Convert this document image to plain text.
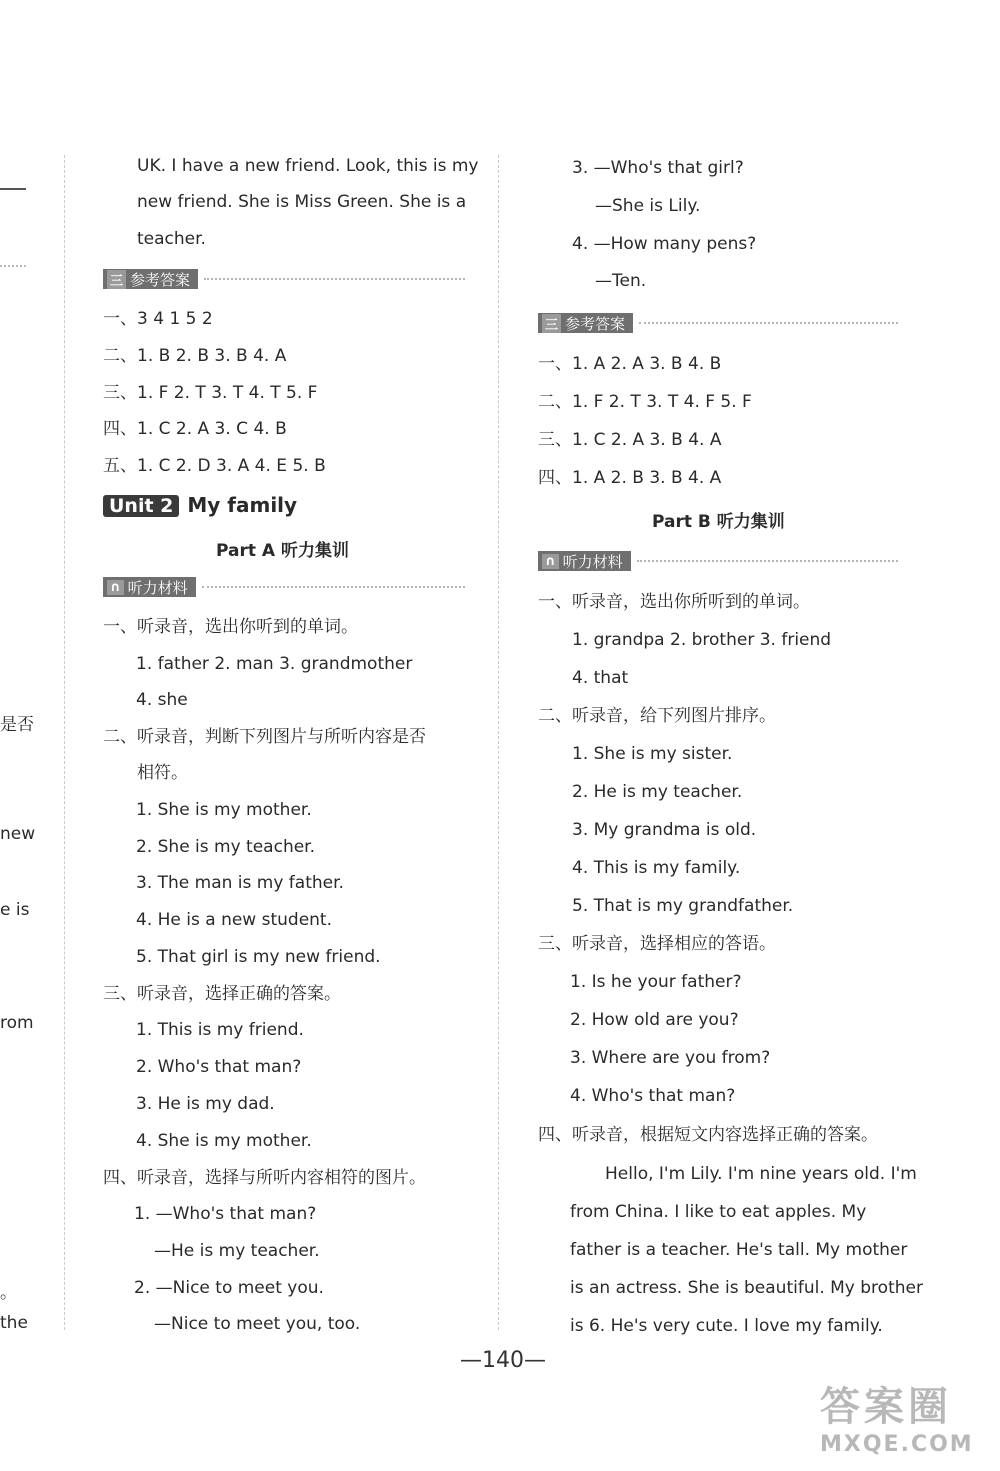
是否
new
e is
rom
。
the
UK. I have a new friend. Look, this is my
new friend. She is Miss Green. She is a
teacher.
三 参考答案
一、3 4 1 5 2
二、1. B 2. B 3. B 4. A
三、1. F 2. T 3. T 4. T 5. F
四、1. C 2. A 3. C 4. B
五、1. C 2. D 3. A 4. E 5. B
Unit 2 My family
Part A 听力集训
∩ 听力材料
一、听录音，选出你听到的单词。
1. father 2. man 3. grandmother
4. she
二、听录音，判断下列图片与所听内容是否
相符。
1. She is my mother.
2. She is my teacher.
3. The man is my father.
4. He is a new student.
5. That girl is my new friend.
三、听录音，选择正确的答案。
1. This is my friend.
2. Who's that man?
3. He is my dad.
4. She is my mother.
四、听录音，选择与所听内容相符的图片。
1. —Who's that man?
—He is my teacher.
2. —Nice to meet you.
—Nice to meet you, too.
3. —Who's that girl?
—She is Lily.
4. —How many pens?
—Ten.
三 参考答案
一、1. A 2. A 3. B 4. B
二、1. F 2. T 3. T 4. F 5. F
三、1. C 2. A 3. B 4. A
四、1. A 2. B 3. B 4. A
Part B 听力集训
∩ 听力材料
一、听录音，选出你所听到的单词。
1. grandpa 2. brother 3. friend
4. that
二、听录音，给下列图片排序。
1. She is my sister.
2. He is my teacher.
3. My grandma is old.
4. This is my family.
5. That is my grandfather.
三、听录音，选择相应的答语。
1. Is he your father?
2. How old are you?
3. Where are you from?
4. Who's that man?
四、听录音，根据短文内容选择正确的答案。
Hello, I'm Lily. I'm nine years old. I'm
from China. I like to eat apples. My
father is a teacher. He's tall. My mother
is an actress. She is beautiful. My brother
is 6. He's very cute. I love my family.
—140—
答案圈
MXQE.COM
